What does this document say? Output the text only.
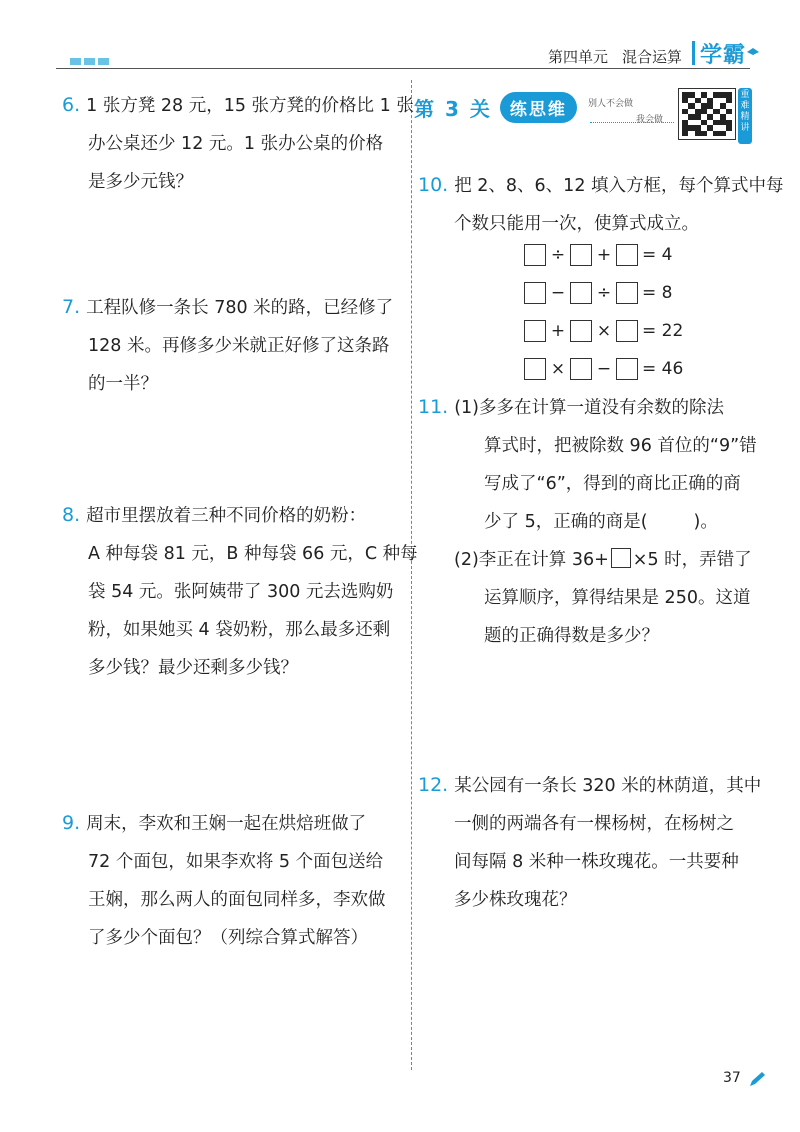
第四单元 混合运算 学霸
6. 1 张方凳 28 元，15 张方凳的价格比 1 张
办公桌还少 12 元。1 张办公桌的价格
是多少元钱？
7. 工程队修一条长 780 米的路，已经修了
128 米。再修多少米就正好修了这条路
的一半？
8. 超市里摆放着三种不同价格的奶粉：
A 种每袋 81 元，B 种每袋 66 元，C 种每
袋 54 元。张阿姨带了 300 元去选购奶
粉，如果她买 4 袋奶粉，那么最多还剩
多少钱？最少还剩多少钱？
9. 周末，李欢和王娴一起在烘焙班做了
72 个面包，如果李欢将 5 个面包送给
王娴，那么两人的面包同样多，李欢做
了多少个面包？（列综合算式解答）
第 3 关	练思维	别人不会做
我会做
重难精讲
10. 把 2、8、6、12 填入方框，每个算式中每
个数只能用一次，使算式成立。
÷ + = 4
− ÷ = 8
+ × = 22
× − = 46
11. (1)多多在计算一道没有余数的除法
算式时，把被除数 96 首位的“9”错
写成了“6”，得到的商比正确的商
少了 5，正确的商是(	)。
(2)李正在计算 36+ ×5 时，弄错了
运算顺序，算得结果是 250。这道
题的正确得数是多少？
12. 某公园有一条长 320 米的林荫道，其中
一侧的两端各有一棵杨树，在杨树之
间每隔 8 米种一株玫瑰花。一共要种
多少株玫瑰花？
37
